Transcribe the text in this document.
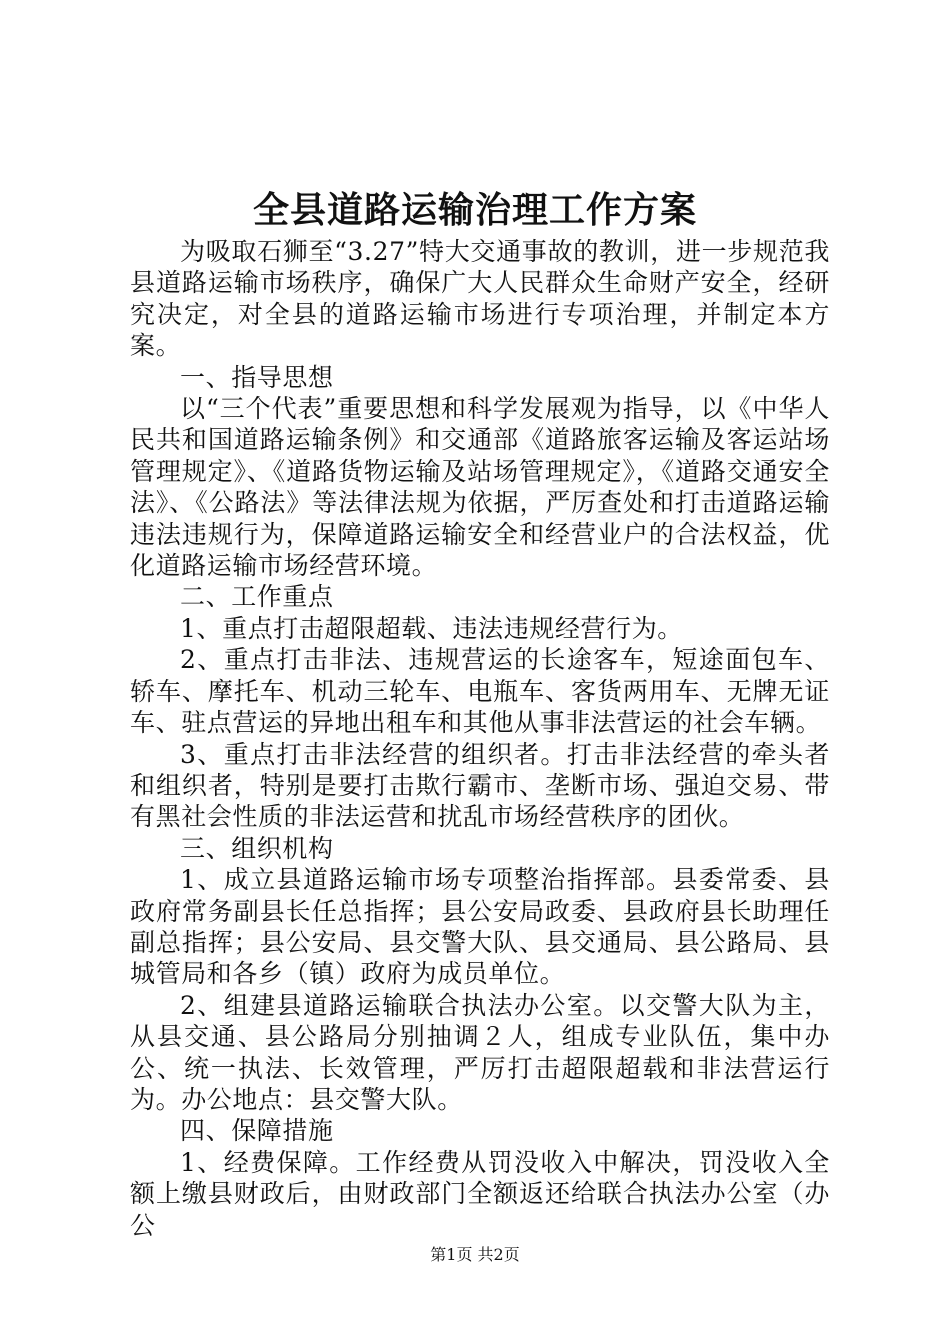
全县道路运输治理工作方案

为吸取石狮至“3.27”特大交通事故的教训，进一步规范我县道路运输市场秩序，确保广大人民群众生命财产安全，经研究决定，对全县的道路运输市场进行专项治理，并制定本方案。

一、指导思想

以“三个代表”重要思想和科学发展观为指导，以《中华人民共和国道路运输条例》和交通部《道路旅客运输及客运站场管理规定》、《道路货物运输及站场管理规定》，《道路交通安全法》、《公路法》等法律法规为依据，严厉查处和打击道路运输违法违规行为，保障道路运输安全和经营业户的合法权益，优化道路运输市场经营环境。

二、工作重点

1、重点打击超限超载、违法违规经营行为。

2、重点打击非法、违规营运的长途客车，短途面包车、轿车、摩托车、机动三轮车、电瓶车、客货两用车、无牌无证车、驻点营运的异地出租车和其他从事非法营运的社会车辆。

3、重点打击非法经营的组织者。打击非法经营的牵头者和组织者，特别是要打击欺行霸市、垄断市场、强迫交易、带有黑社会性质的非法运营和扰乱市场经营秩序的团伙。

三、组织机构

1、成立县道路运输市场专项整治指挥部。县委常委、县政府常务副县长任总指挥；县公安局政委、县政府县长助理任副总指挥；县公安局、县交警大队、县交通局、县公路局、县城管局和各乡（镇）政府为成员单位。

2、组建县道路运输联合执法办公室。以交警大队为主，从县交通、县公路局分别抽调２人，组成专业队伍，集中办公、统一执法、长效管理，严厉打击超限超载和非法营运行为。办公地点：县交警大队。

四、保障措施

1、经费保障。工作经费从罚没收入中解决，罚没收入全额上缴县财政后，由财政部门全额返还给联合执法办公室（办公

第1页 共2页
